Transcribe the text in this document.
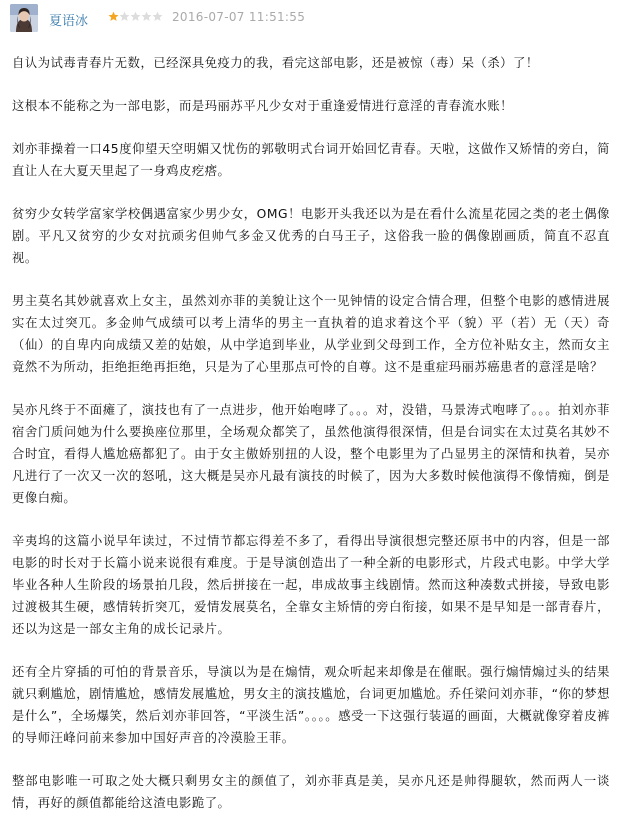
夏语冰	2016-07-07 11:51:55

自认为试毒青春片无数，已经深具免疫力的我，看完这部电影，还是被惊（毒）呆（杀）了！

这根本不能称之为一部电影，而是玛丽苏平凡少女对于重逢爱情进行意淫的青春流水账！

刘亦菲操着一口45度仰望天空明媚又忧伤的郭敬明式台词开始回忆青春。天啦，这做作又矫情的旁白，简直让人在大夏天里起了一身鸡皮疙瘩。

贫穷少女转学富家学校偶遇富家少男少女，OMG！电影开头我还以为是在看什么流星花园之类的老土偶像剧。平凡又贫穷的少女对抗顽劣但帅气多金又优秀的白马王子，这俗我一脸的偶像剧画质，简直不忍直视。

男主莫名其妙就喜欢上女主，虽然刘亦菲的美貌让这个一见钟情的设定合情合理，但整个电影的感情进展实在太过突兀。多金帅气成绩可以考上清华的男主一直执着的追求着这个平（貌）平（若）无（天）奇（仙）的自卑内向成绩又差的姑娘，从中学追到毕业，从学业到父母到工作，全方位补贴女主，然而女主竟然不为所动，拒绝拒绝再拒绝，只是为了心里那点可怜的自尊。这不是重症玛丽苏癌患者的意淫是啥？

吴亦凡终于不面瘫了，演技也有了一点进步，他开始咆哮了。。。对，没错，马景涛式咆哮了。。。拍刘亦菲宿舍门质问她为什么要换座位那里，全场观众都笑了，虽然他演得很深情，但是台词实在太过莫名其妙不合时宜，看得人尴尬癌都犯了。由于女主傲娇别扭的人设，整个电影里为了凸显男主的深情和执着，吴亦凡进行了一次又一次的怒吼，这大概是吴亦凡最有演技的时候了，因为大多数时候他演得不像情痴，倒是更像白痴。

辛夷坞的这篇小说早年读过，不过情节都忘得差不多了，看得出导演很想完整还原书中的内容，但是一部电影的时长对于长篇小说来说很有难度。于是导演创造出了一种全新的电影形式，片段式电影。中学大学毕业各种人生阶段的场景拍几段，然后拼接在一起，串成故事主线剧情。然而这种凑数式拼接，导致电影过渡极其生硬，感情转折突兀，爱情发展莫名，全靠女主矫情的旁白衔接，如果不是早知是一部青春片，还以为这是一部女主角的成长记录片。

还有全片穿插的可怕的背景音乐，导演以为是在煽情，观众听起来却像是在催眠。强行煽情煽过头的结果就只剩尴尬，剧情尴尬，感情发展尴尬，男女主的演技尴尬，台词更加尴尬。乔任梁问刘亦菲，“你的梦想是什么”，全场爆笑，然后刘亦菲回答，“平淡生活”。。。。感受一下这强行装逼的画面，大概就像穿着皮裤的导师汪峰问前来参加中国好声音的冷漠脸王菲。

整部电影唯一可取之处大概只剩男女主的颜值了，刘亦菲真是美，吴亦凡还是帅得腿软，然而两人一谈情，再好的颜值都能给这渣电影跪了。
